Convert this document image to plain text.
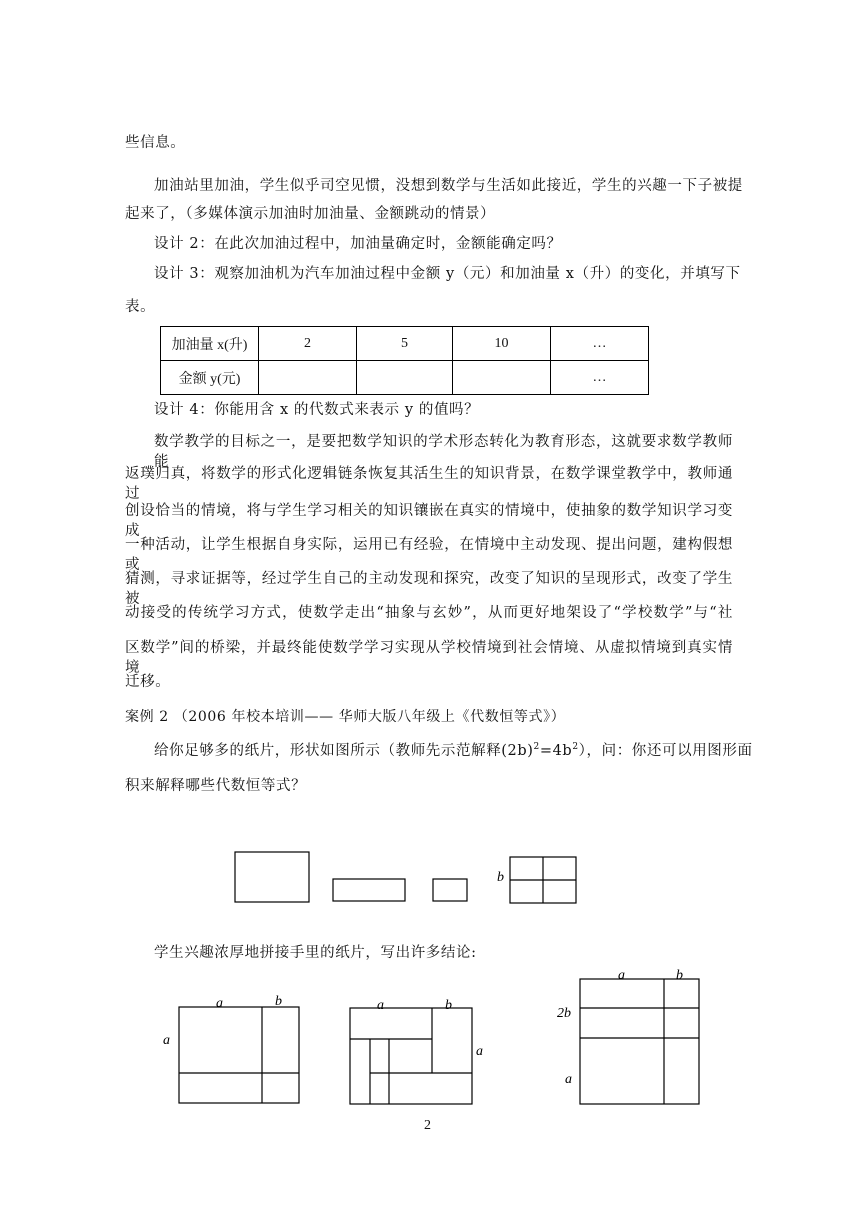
些信息。
加油站里加油，学生似乎司空见惯，没想到数学与生活如此接近，学生的兴趣一下子被提
起来了，（多媒体演示加油时加油量、金额跳动的情景）
设计 2：在此次加油过程中，加油量确定时，金额能确定吗？
设计 3：观察加油机为汽车加油过程中金额 y（元）和加油量 x（升）的变化，并填写下
表。
加油量 x(升)	2	5	10	…
金额 y(元)				…
设计 4：你能用含 x 的代数式来表示 y 的值吗？
数学教学的目标之一，是要把数学知识的学术形态转化为教育形态，这就要求数学教师能
返璞归真，将数学的形式化逻辑链条恢复其活生生的知识背景，在数学课堂教学中，教师通过
创设恰当的情境，将与学生学习相关的知识镶嵌在真实的情境中，使抽象的数学知识学习变成
一种活动，让学生根据自身实际，运用已有经验，在情境中主动发现、提出问题，建构假想或
猜测，寻求证据等，经过学生自己的主动发现和探究，改变了知识的呈现形式，改变了学生被
动接受的传统学习方式，使数学走出“抽象与玄妙”，从而更好地架设了“学校数学”与“社
区数学”间的桥梁，并最终能使数学学习实现从学校情境到社会情境、从虚拟情境到真实情境
迁移。
案例 2 （2006 年校本培训—— 华师大版八年级上《代数恒等式》）
给你足够多的纸片，形状如图所示（教师先示范解释$(2b)^2=4b^2$），问：你还可以用图形面
积来解释哪些代数恒等式？
学生兴趣浓厚地拼接手里的纸片，写出许多结论:
b
a	b
a
a	b
a
a	b
2b
a
2
